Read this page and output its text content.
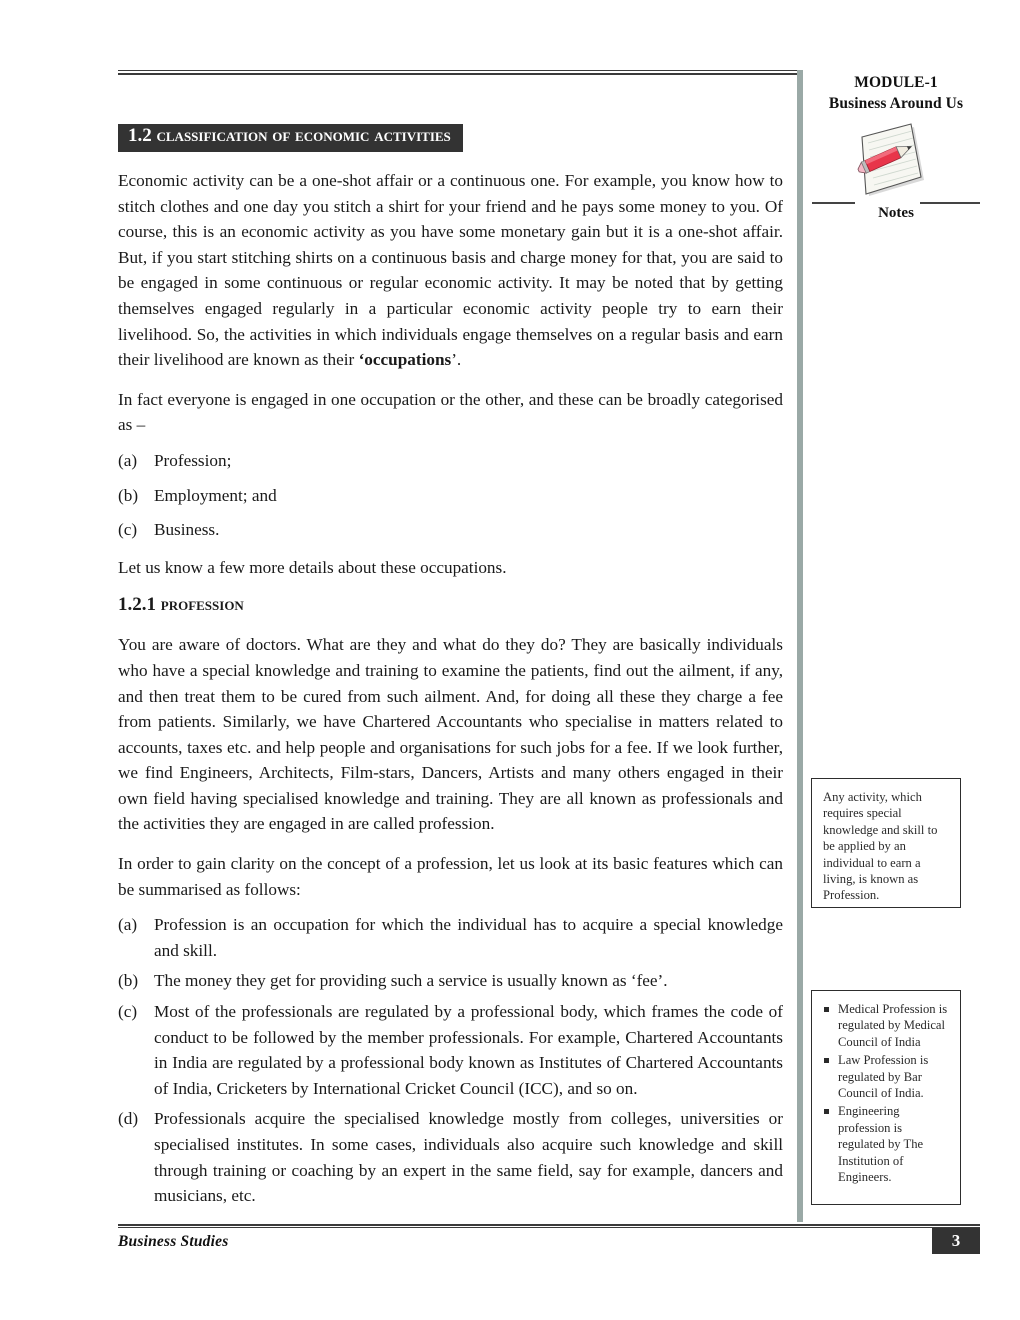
MODULE-1
Business Around Us
Notes
1.2 classification of economic activities

Economic activity can be a one-shot affair or a continuous one. For example, you know how to stitch clothes and one day you stitch a shirt for your friend and he pays some money to you. Of course, this is an economic activity as you have some monetary gain but it is a one-shot affair. But, if you start stitching shirts on a continuous basis and charge money for that, you are said to be engaged in some continuous or regular economic activity. It may be noted that by getting themselves engaged regularly in a particular economic activity people try to earn their livelihood. So, the activities in which individuals engage themselves on a regular basis and earn their livelihood are known as their ‘occupations’.

In fact everyone is engaged in one occupation or the other, and these can be broadly categorised as –

(a) Profession;
(b) Employment; and
(c) Business.

Let us know a few more details about these occupations.

1.2.1 profession

You are aware of doctors. What are they and what do they do? They are basically individuals who have a special knowledge and training to examine the patients, find out the ailment, if any, and then treat them to be cured from such ailment. And, for doing all these they charge a fee from patients. Similarly, we have Chartered Accountants who specialise in matters related to accounts, taxes etc. and help people and organisations for such jobs for a fee. If we look further, we find Engineers, Architects, Film-stars, Dancers, Artists and many others engaged in their own field having specialised knowledge and training. They are all known as professionals and the activities they are engaged in are called profession.

In order to gain clarity on the concept of a profession, let us look at its basic features which can be summarised as follows:

(a) Profession is an occupation for which the individual has to acquire a special knowledge and skill.
(b) The money they get for providing such a service is usually known as ‘fee’.
(c) Most of the professionals are regulated by a professional body, which frames the code of conduct to be followed by the member professionals. For example, Chartered Accountants in India are regulated by a professional body known as Institutes of Chartered Accountants of India, Cricketers by International Cricket Council (ICC), and so on.
(d) Professionals acquire the specialised knowledge mostly from colleges, universities or specialised institutes. In some cases, individuals also acquire such knowledge and skill through training or coaching by an expert in the same field, say for example, dancers and musicians, etc.
Any activity, which requires special knowledge and skill to be applied by an individual to earn a living, is known as Profession.
Medical Profession is regulated by Medical Council of India
Law Profession is regulated by Bar Council of India.
Engineering profession is regulated by The Institution of Engineers.
Business Studies	3
